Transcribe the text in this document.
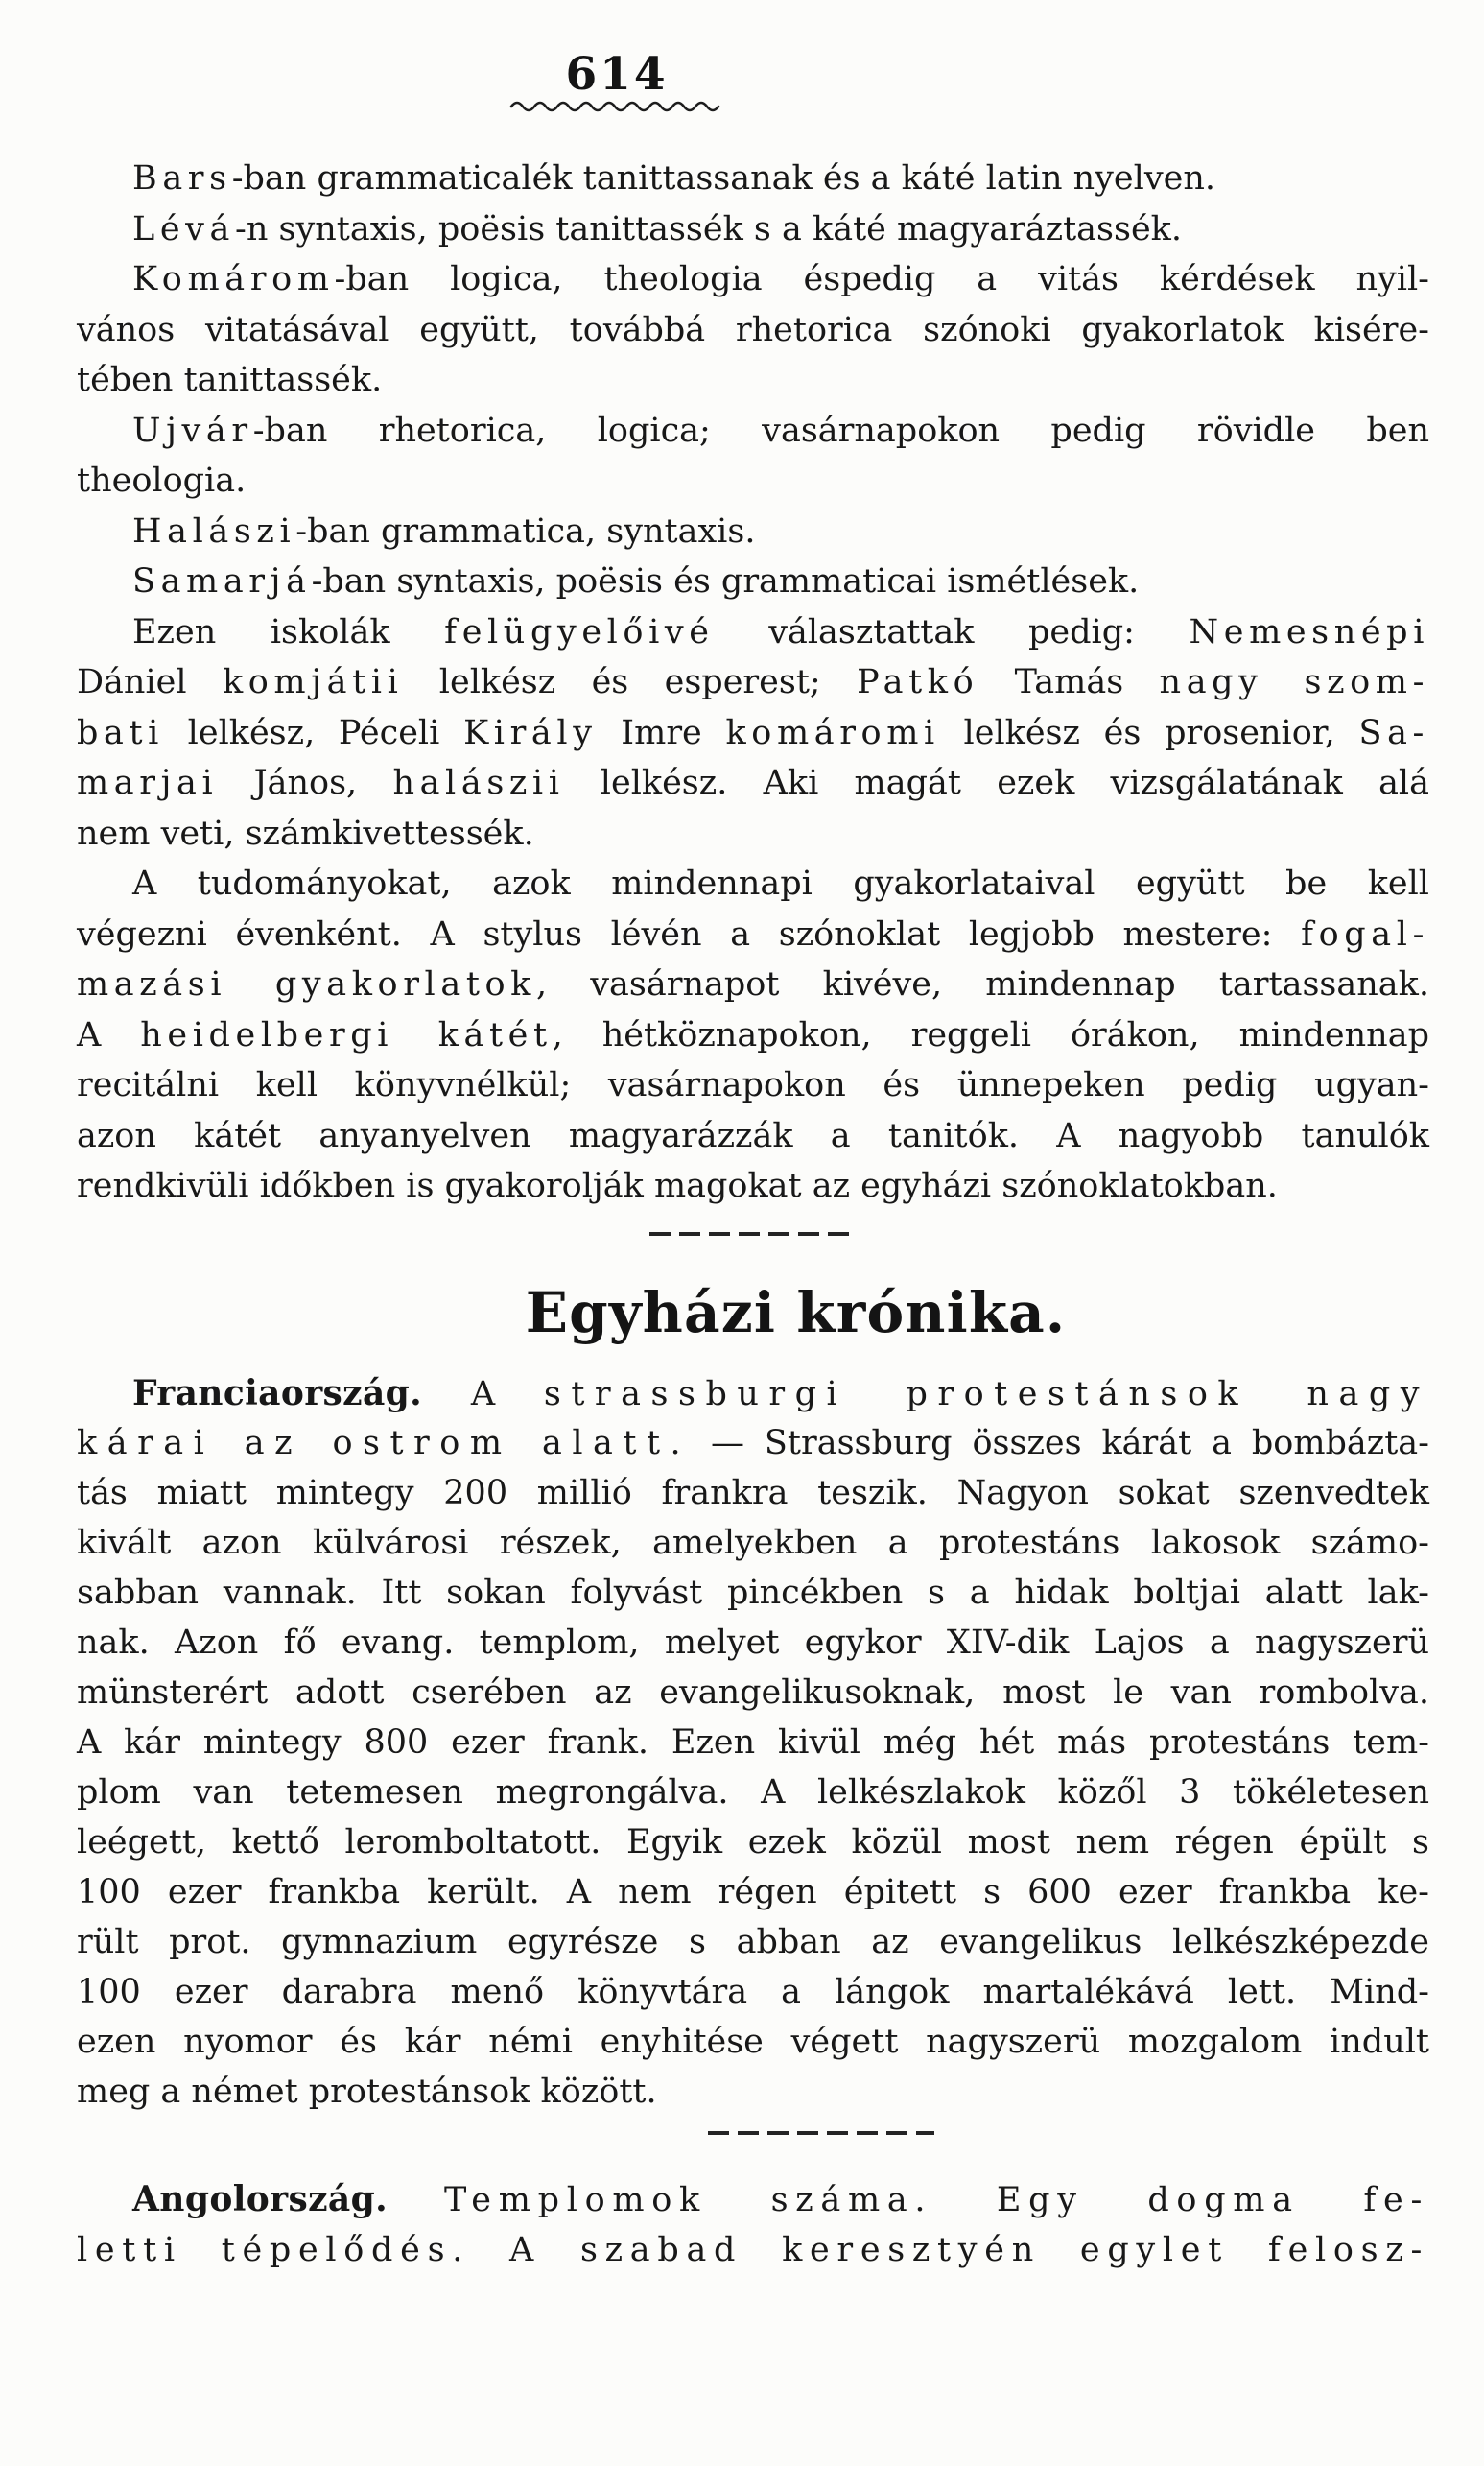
614
Bars-ban grammaticalék tanittassanak és a káté latin nyelven.
Lévá-n syntaxis, poësis tanittassék s a káté magyaráztassék.
Komárom-ban logica, theologia éspedig a vitás kérdések nyil-
vános vitatásával együtt, továbbá rhetorica szónoki gyakorlatok kisére-
tében tanittassék.
Ujvár-ban rhetorica, logica; vasárnapokon pedig rövidle ben
theologia.
Halászi-ban grammatica, syntaxis.
Samarjá-ban syntaxis, poësis és grammaticai ismétlések.
Ezen iskolák felügyelőivé választattak pedig: Nemesnépi
Dániel komjátii lelkész és esperest; Patkó Tamás nagy szom-
bati lelkész, Péceli Király Imre komáromi lelkész és prosenior, Sa-
marjai János, halászii lelkész. Aki magát ezek vizsgálatának alá
nem veti, számkivettessék.
A tudományokat, azok mindennapi gyakorlataival együtt be kell
végezni évenként. A stylus lévén a szónoklat legjobb mestere: fogal-
mazási gyakorlatok, vasárnapot kivéve, mindennap tartassanak.
A heidelbergi kátét, hétköznapokon, reggeli órákon, mindennap
recitálni kell könyvnélkül; vasárnapokon és ünnepeken pedig ugyan-
azon kátét anyanyelven magyarázzák a tanitók. A nagyobb tanulók
rendkivüli időkben is gyakorolják magokat az egyházi szónoklatokban.
Egyházi krónika.
Franciaország. A strassburgi protestánsok nagy
kárai az ostrom alatt. — Strassburg összes kárát a bombázta-
tás miatt mintegy 200 millió frankra teszik. Nagyon sokat szenvedtek
kivált azon külvárosi részek, amelyekben a protestáns lakosok számo-
sabban vannak. Itt sokan folyvást pincékben s a hidak boltjai alatt lak-
nak. Azon fő evang. templom, melyet egykor XIV-dik Lajos a nagyszerü
münsterért adott cserében az evangelikusoknak, most le van rombolva.
A kár mintegy 800 ezer frank. Ezen kivül még hét más protestáns tem-
plom van tetemesen megrongálva. A lelkészlakok közől 3 tökéletesen
leégett, kettő leromboltatott. Egyik ezek közül most nem régen épült s
100 ezer frankba került. A nem régen épitett s 600 ezer frankba ke-
rült prot. gymnazium egyrésze s abban az evangelikus lelkészképezde
100 ezer darabra menő könyvtára a lángok martalékává lett. Mind-
ezen nyomor és kár némi enyhitése végett nagyszerü mozgalom indult
meg a német protestánsok között.
Angolország. Templomok száma. Egy dogma fe-
letti tépelődés. A szabad keresztyén egylet felosz-
